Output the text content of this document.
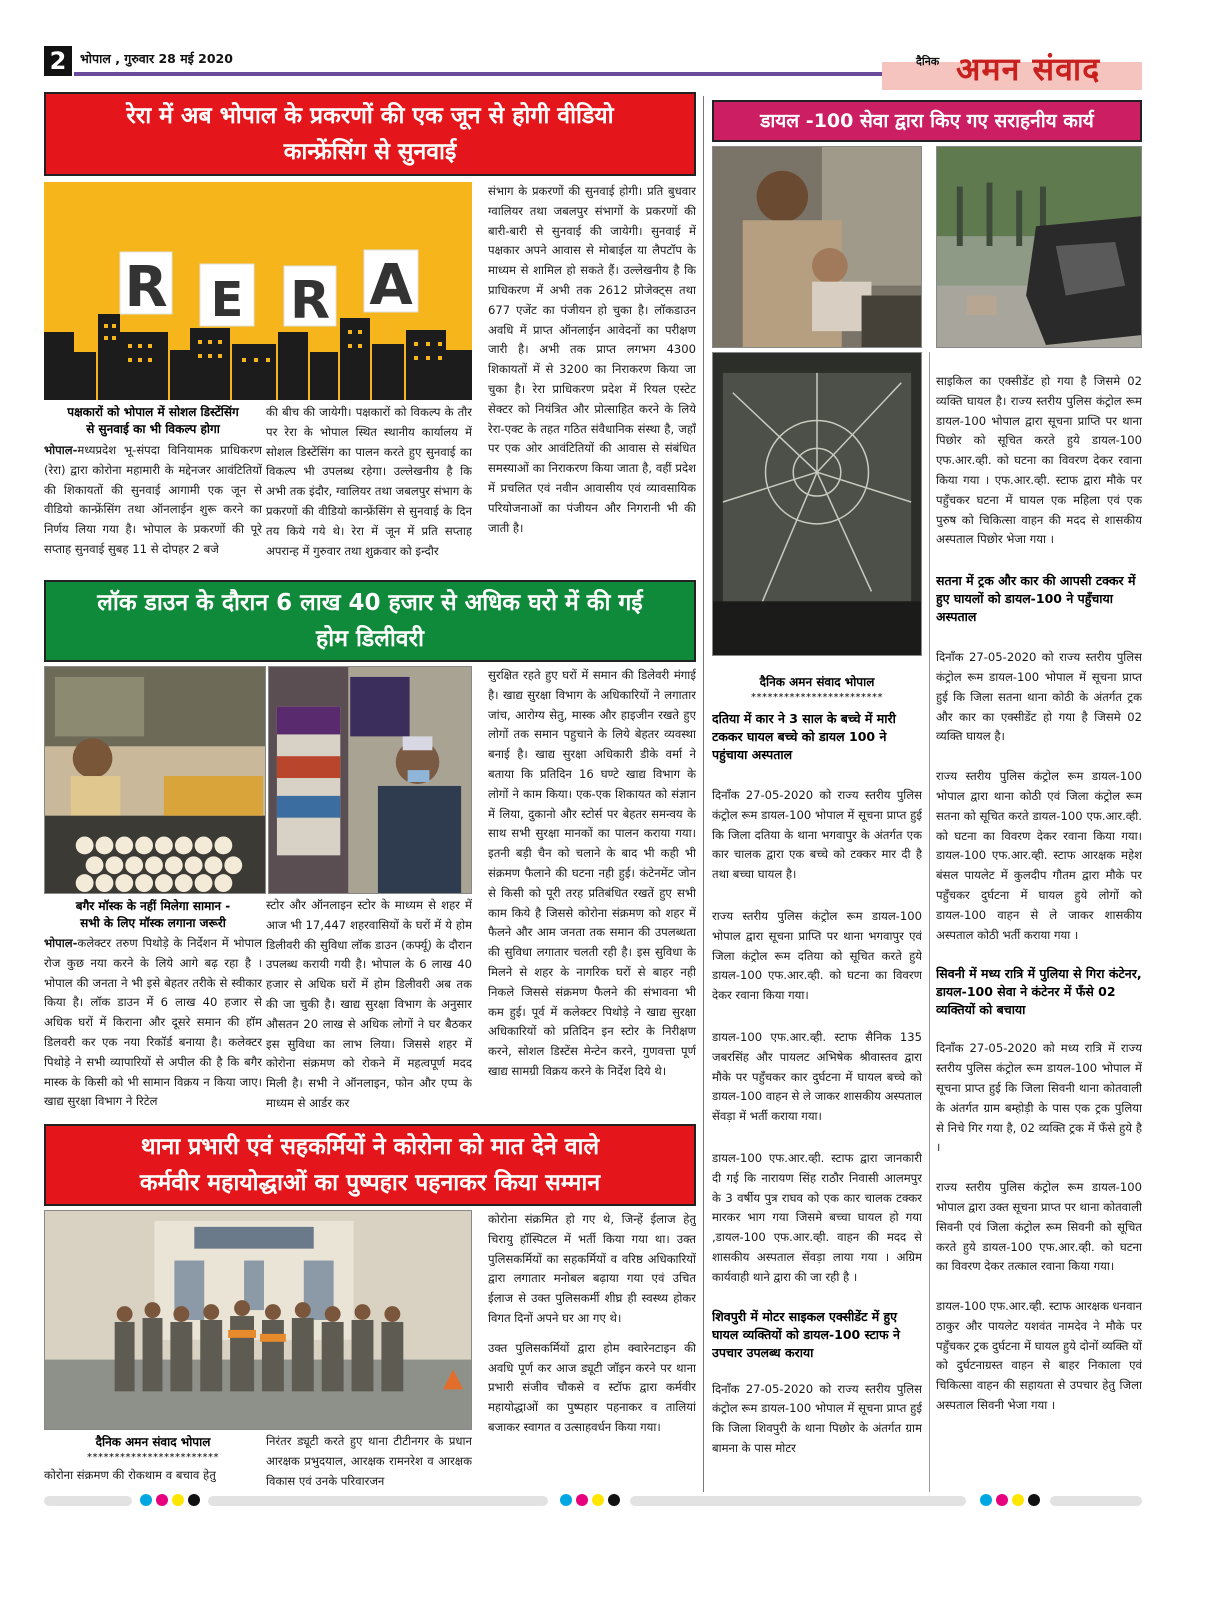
2	भोपाल , गुरुवार 28 मई 2020	दैनिक अमन संवाद
रेरा में अब भोपाल के प्रकरणों की एक जून से होगी वीडियो
कान्फ्रेंसिंग से सुनवाई
R E R A
पक्षकारों को भोपाल में सोशल डिस्टेंसिंग
से सुनवाई का भी विकल्प होगा
भोपाल-मध्यप्रदेश भू-संपदा विनियामक प्राधिकरण (रेरा) द्वारा कोरोना महामारी के मद्देनजर आवंटितियों की शिकायतों की सुनवाई आगामी एक जून से वीडियो कान्फ्रेंसिंग तथा ऑनलाईन शुरू करने का निर्णय लिया गया है। भोपाल के प्रकरणों की पूरे सप्ताह सुनवाई सुबह 11 से दोपहर 2 बजे
की बीच की जायेगी। पक्षकारों को विकल्प के तौर पर रेरा के भोपाल स्थित स्थानीय कार्यालय में सोशल डिस्टेंसिंग का पालन करते हुए सुनवाई का विकल्प भी उपलब्ध रहेगा। उल्लेखनीय है कि अभी तक इंदौर, ग्वालियर तथा जबलपुर संभाग के प्रकरणों की वीडियो कान्फ्रेंसिंग से सुनवाई के दिन तय किये गये थे। रेरा में जून में प्रति सप्ताह अपरान्ह में गुरुवार तथा शुक्रवार को इन्दौर
संभाग के प्रकरणों की सुनवाई होगी। प्रति बुधवार ग्वालियर तथा जबलपुर संभागों के प्रकरणों की बारी-बारी से सुनवाई की जायेगी। सुनवाई में पक्षकार अपने आवास से मोबाईल या लैपटॉप के माध्यम से शामिल हो सकते हैं। उल्लेखनीय है कि प्राधिकरण में अभी तक 2612 प्रोजेक्ट्स तथा 677 एजेंट का पंजीयन हो चुका है। लॉकडाउन अवधि में प्राप्त ऑनलाईन आवेदनों का परीक्षण जारी है। अभी तक प्राप्त लगभग 4300 शिकायतों में से 3200 का निराकरण किया जा चुका है। रेरा प्राधिकरण प्रदेश में रियल एस्टेट सेक्टर को नियंत्रित और प्रोत्साहित करने के लिये रेरा-एक्ट के तहत गठित संवैधानिक संस्था है, जहाँ पर एक ओर आवंटितियों की आवास से संबंधित समस्याओं का निराकरण किया जाता है, वहीं प्रदेश में प्रचलित एवं नवीन आवासीय एवं व्यावसायिक परियोजनाओं का पंजीयन और निगरानी भी की जाती है।
लॉक डाउन के दौरान 6 लाख 40 हजार से अधिक घरो में की गई
होम डिलीवरी
बगैर मॉस्क के नहीं मिलेगा सामान -
सभी के लिए मॉस्क लगाना जरूरी
भोपाल-कलेक्टर तरुण पिथोड़े के निर्देशन में भोपाल रोज कुछ नया करने के लिये आगे बढ़ रहा है । भोपाल की जनता ने भी इसे बेहतर तरीके से स्वीकार किया है। लॉक डाउन में 6 लाख 40 हजार से अधिक घरों में किराना और दूसरे समान की हॉम डिलवरी कर एक नया रिकॉर्ड बनाया है। कलेक्टर पिथोड़े ने सभी व्यापारियों से अपील की है कि बगैर मास्क के किसी को भी सामान विक्रय न किया जाए। खाद्य सुरक्षा विभाग ने रिटेल
स्टोर और ऑनलाइन स्टोर के माध्यम से शहर में आज भी 17,447 शहरवासियों के घरों में ये होम डिलीवरी की सुविधा लॉक डाउन (कर्फ्यू) के दौरान उपलब्ध करायी गयी है। भोपाल के 6 लाख 40 हजार से अधिक घरों में होम डिलीवरी अब तक की जा चुकी है। खाद्य सुरक्षा विभाग के अनुसार औसतन 20 लाख से अधिक लोगों ने घर बैठकर इस सुविधा का लाभ लिया। जिससे शहर में कोरोना संक्रमण को रोकने में महत्वपूर्ण मदद मिली है। सभी ने ऑनलाइन, फोन और एप्प के माध्यम से आर्डर कर
सुरक्षित रहते हुए घरों में समान की डिलेवरी मंगाई है। खाद्य सुरक्षा विभाग के अधिकारियों ने लगातार जांच, आरोग्य सेतु, मास्क और हाइजीन रखते हुए लोगों तक समान पहुचाने के लिये बेहतर व्यवस्था बनाई है। खाद्य सुरक्षा अधिकारी डीके वर्मा ने बताया कि प्रतिदिन 16 घण्टे खाद्य विभाग के लोगों ने काम किया। एक-एक शिकायत को संज्ञान में लिया, दुकानो और स्टोर्स पर बेहतर समन्वय के साथ सभी सुरक्षा मानकों का पालन कराया गया। इतनी बड़ी चैन को चलाने के बाद भी कही भी संक्रमण फैलाने की घटना नही हुई। कंटेनमेंट जोन से किसी को पूरी तरह प्रतिबंधित रखतें हुए सभी काम किये है जिससे कोरोना संक्रमण को शहर में फैलने और आम जनता तक समान की उपलब्धता की सुविधा लगातार चलती रही है। इस सुविधा के मिलने से शहर के नागरिक घरों से बाहर नही निकले जिससे संक्रमण फैलने की संभावना भी कम हुई। पूर्व में कलेक्टर पिथोड़े ने खाद्य सुरक्षा अधिकारियों को प्रतिदिन इन स्टोर के निरीक्षण करने, सोशल डिस्टेंस मेन्टेन करने, गुणवत्ता पूर्ण खाद्य सामग्री विक्रय करने के निर्देश दिये थे।
थाना प्रभारी एवं सहकर्मियों ने कोरोना को मात देने वाले
कर्मवीर महायोद्धाओं का पुष्पहार पहनाकर किया सम्मान
दैनिक अमन संवाद भोपाल
************************
कोरोना संक्रमण की रोकथाम व बचाव हेतु
निरंतर ड्यूटी करते हुए थाना टीटीनगर के प्रधान आरक्षक प्रभुदयाल, आरक्षक रामनरेश व आरक्षक विकास एवं उनके परिवारजन

कोरोना संक्रमित हो गए थे, जिन्हें ईलाज हेतु चिरायु हॉस्पिटल में भर्ती किया गया था। उक्त पुलिसकर्मियों का सहकर्मियों व वरिष्ठ अधिकारियों द्वारा लगातार मनोबल बढ़ाया गया एवं उचित ईलाज से उक्त पुलिसकर्मी शीघ्र ही स्वस्थ्य होकर विगत दिनों अपने घर आ गए थे।

उक्त पुलिसकर्मियों द्वारा होम क्वारेनटाइन की अवधि पूर्ण कर आज ड्यूटी जॉइन करने पर थाना प्रभारी संजीव चौकसे व स्टॉफ द्वारा कर्मवीर महायोद्धाओं का पुष्पहार पहनाकर व तालियां बजाकर स्वागत व उत्साहवर्धन किया गया।

डायल -100 सेवा द्वारा किए गए सराहनीय कार्य
दैनिक अमन संवाद भोपाल
************************
दतिया में कार ने 3 साल के बच्चे में मारी टककर घायल बच्चे को डायल 100 ने पहुंचाया अस्पताल

दिनाँक 27-05-2020 को राज्य स्तरीय पुलिस कंट्रोल रूम डायल-100 भोपाल में सूचना प्राप्त हुई कि जिला दतिया के थाना भगवापुर के अंतर्गत एक कार चालक द्वारा एक बच्चे को टक्कर मार दी है तथा बच्चा घायल है।

राज्य स्तरीय पुलिस कंट्रोल रूम डायल-100 भोपाल द्वारा सूचना प्राप्ति पर थाना भगवापुर एवं जिला कंट्रोल रूम दतिया को सूचित करते हुये डायल-100 एफ.आर.व्ही. को घटना का विवरण देकर रवाना किया गया।

डायल-100 एफ.आर.व्ही. स्टाफ सैनिक 135 जबरसिंह और पायलट अभिषेक श्रीवास्तव द्वारा मौके पर पहुँचकर कार दुर्घटना में घायल बच्चे को डायल-100 वाहन से ले जाकर शासकीय अस्पताल सेंवड़ा में भर्ती कराया गया।

डायल-100 एफ.आर.व्ही. स्टाफ द्वारा जानकारी दी गई कि नारायण सिंह राठौर निवासी आलमपुर के 3 वर्षीय पुत्र राघव को एक कार चालक टक्कर मारकर भाग गया जिसमे बच्चा घायल हो गया ,डायल-100 एफ.आर.व्ही. वाहन की मदद से शासकीय अस्पताल सेंवड़ा लाया गया । अग्रिम कार्यवाही थाने द्वारा की जा रही है ।

शिवपुरी में मोटर साइकल एक्सीडेंट में हुए घायल व्यक्तियों को डायल-100 स्टाफ ने उपचार उपलब्ध कराया

दिनाँक 27-05-2020 को राज्य स्तरीय पुलिस कंट्रोल रूम डायल-100 भोपाल में सूचना प्राप्त हुई कि जिला शिवपुरी के थाना पिछोर के अंतर्गत ग्राम बामना के पास मोटर

साइकिल का एक्सीडेंट हो गया है जिसमे 02 व्यक्ति घायल है। राज्य स्तरीय पुलिस कंट्रोल रूम डायल-100 भोपाल द्वारा सूचना प्राप्ति पर थाना पिछोर को सूचित करते हुये डायल-100 एफ.आर.व्ही. को घटना का विवरण देकर रवाना किया गया । एफ.आर.व्ही. स्टाफ द्वारा मौके पर पहुँचकर घटना में घायल एक महिला एवं एक पुरुष को चिकित्सा वाहन की मदद से शासकीय अस्पताल पिछोर भेजा गया ।

सतना में ट्रक और कार की आपसी टक्कर में हुए घायलों को डायल-100 ने पहुँचाया अस्पताल

दिनाँक 27-05-2020 को राज्य स्तरीय पुलिस कंट्रोल रूम डायल-100 भोपाल में सूचना प्राप्त हुई कि जिला सतना थाना कोठी के अंतर्गत ट्रक और कार का एक्सीडेंट हो गया है जिसमे 02 व्यक्ति घायल है।

राज्य स्तरीय पुलिस कंट्रोल रूम डायल-100 भोपाल द्वारा थाना कोठी एवं जिला कंट्रोल रूम सतना को सूचित करते डायल-100 एफ.आर.व्ही. को घटना का विवरण देकर रवाना किया गया। डायल-100 एफ.आर.व्ही. स्टाफ आरक्षक महेश बंसल पायलेट में कुलदीप गौतम द्वारा मौके पर पहुँचकर दुर्घटना में घायल हुये लोगों को डायल-100 वाहन से ले जाकर शासकीय अस्पताल कोठी भर्ती कराया गया ।

सिवनी में मध्य रात्रि में पुलिया से गिरा कंटेनर, डायल-100 सेवा ने कंटेनर में फँसे 02 व्यक्तियों को बचाया

दिनाँक 27-05-2020 को मध्य रात्रि में राज्य स्तरीय पुलिस कंट्रोल रूम डायल-100 भोपाल में सूचना प्राप्त हुई कि जिला सिवनी थाना कोतवाली के अंतर्गत ग्राम बम्होड़ी के पास एक ट्रक पुलिया से निचे गिर गया है, 02 व्यक्ति ट्रक में फँसे हुये है ।

राज्य स्तरीय पुलिस कंट्रोल रूम डायल-100 भोपाल द्वारा उक्त सूचना प्राप्त पर थाना कोतवाली सिवनी एवं जिला कंट्रोल रूम सिवनी को सूचित करते हुये डायल-100 एफ.आर.व्ही. को घटना का विवरण देकर तत्काल रवाना किया गया।

डायल-100 एफ.आर.व्ही. स्टाफ आरक्षक धनवान ठाकुर और पायलेट यशवंत नामदेव ने मौके पर पहुँचकर ट्रक दुर्घटना में घायल हुये दोनों व्यक्ति यों को दुर्घटनाग्रस्त वाहन से बाहर निकाला एवं चिकित्सा वाहन की सहायता से उपचार हेतु जिला अस्पताल सिवनी भेजा गया ।
